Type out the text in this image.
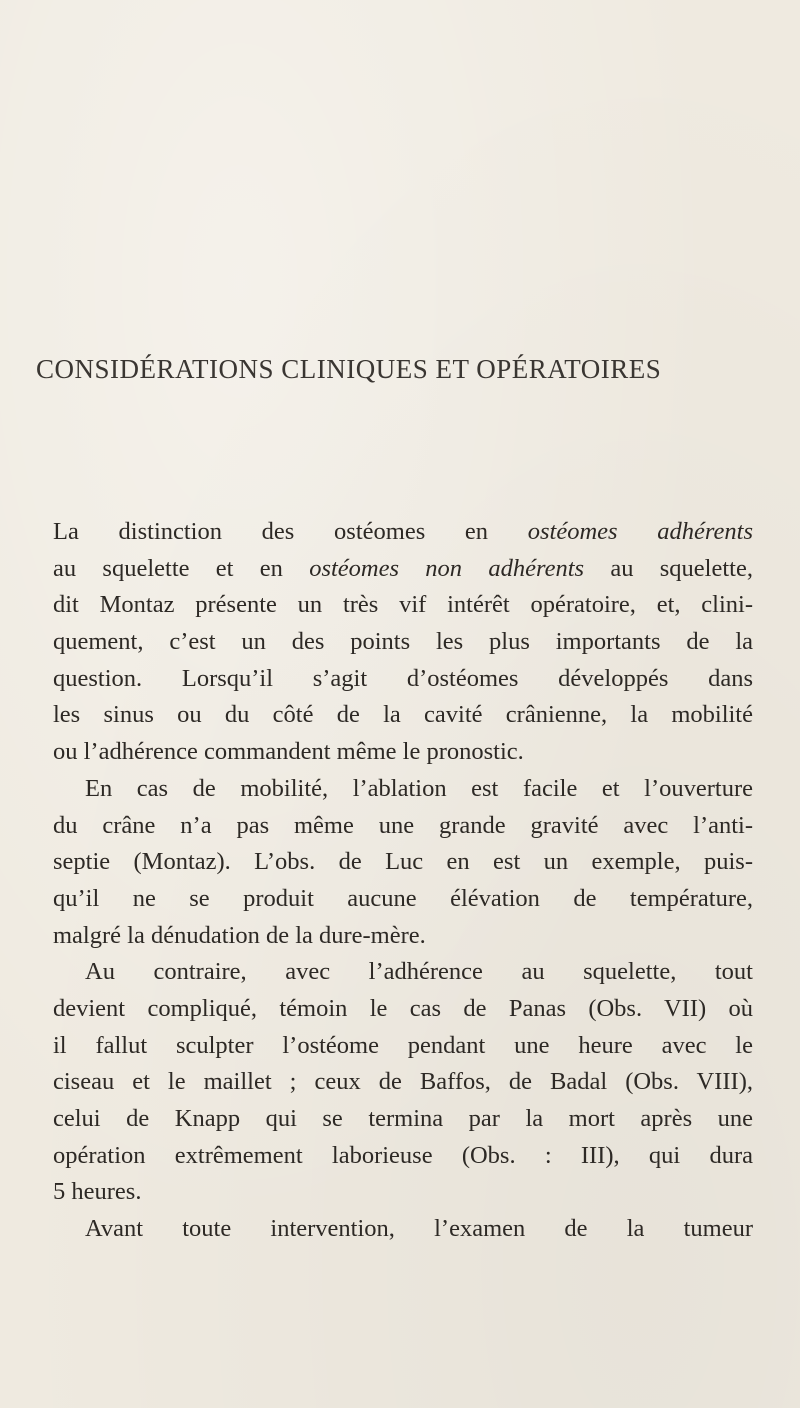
CONSIDÉRATIONS CLINIQUES ET OPÉRATOIRES
La distinction des ostéomes en ostéomes adhérents
au squelette et en ostéomes non adhérents au squelette,
dit Montaz présente un très vif intérêt opératoire, et, clini-
quement, c’est un des points les plus importants de la
question. Lorsqu’il s’agit d’ostéomes développés dans
les sinus ou du côté de la cavité crânienne, la mobilité
ou l’adhérence commandent même le pronostic.
En cas de mobilité, l’ablation est facile et l’ouverture
du crâne n’a pas même une grande gravité avec l’anti-
septie (Montaz). L’obs. de Luc en est un exemple, puis-
qu’il ne se produit aucune élévation de température,
malgré la dénudation de la dure-mère.
Au contraire, avec l’adhérence au squelette, tout
devient compliqué, témoin le cas de Panas (Obs. VII) où
il fallut sculpter l’ostéome pendant une heure avec le
ciseau et le maillet ; ceux de Baffos, de Badal (Obs. VIII),
celui de Knapp qui se termina par la mort après une
opération extrêmement laborieuse (Obs. : III), qui dura
5 heures.
Avant toute intervention, l’examen de la tumeur
